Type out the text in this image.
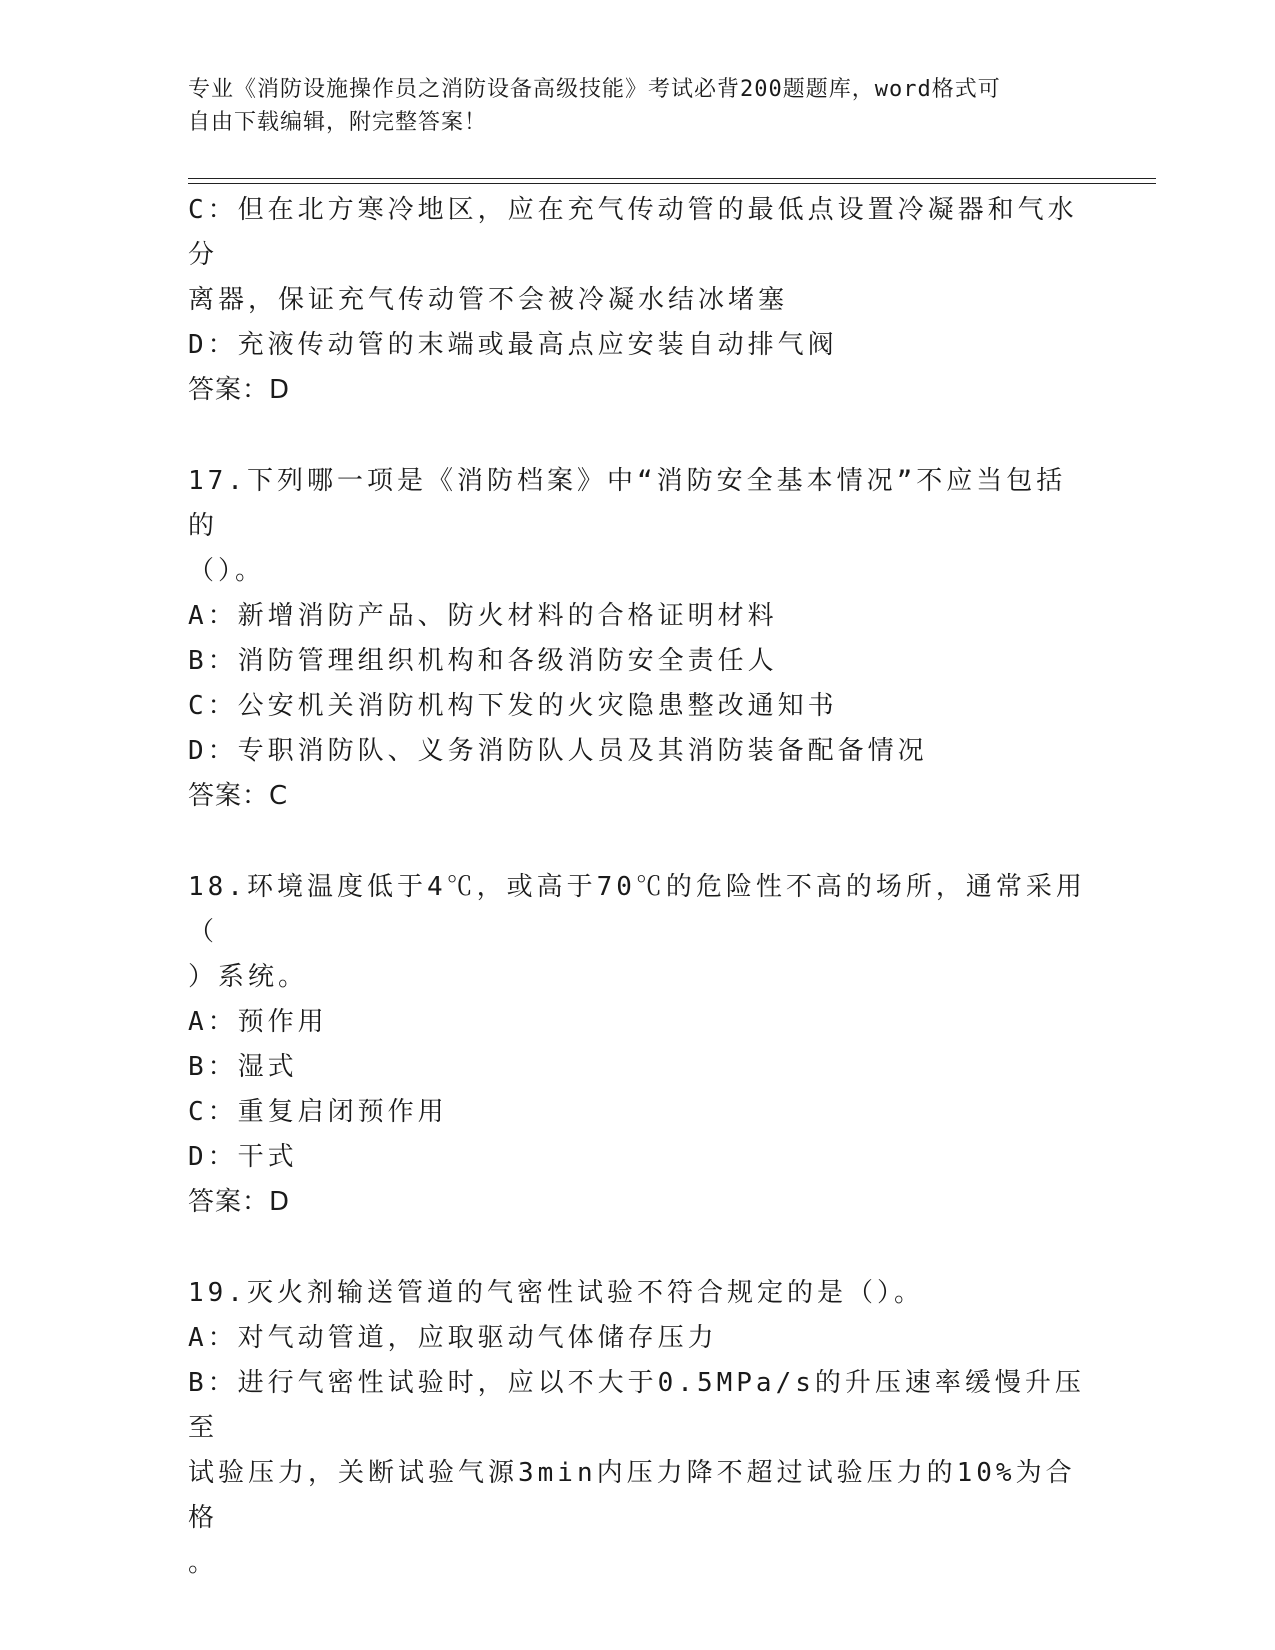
专业《消防设施操作员之消防设备高级技能》考试必背200题题库，word格式可

自由下载编辑，附完整答案！

C：但在北方寒冷地区，应在充气传动管的最低点设置冷凝器和气水分

离器，保证充气传动管不会被冷凝水结冰堵塞

D：充液传动管的末端或最高点应安装自动排气阀

答案：D

17.下列哪一项是《消防档案》中“消防安全基本情况”不应当包括的

（）。

A：新增消防产品、防火材料的合格证明材料

B：消防管理组织机构和各级消防安全责任人

C：公安机关消防机构下发的火灾隐患整改通知书

D：专职消防队、义务消防队人员及其消防装备配备情况

答案：C

18.环境温度低于4℃，或高于70℃的危险性不高的场所，通常采用（

）系统。

A：预作用

B：湿式

C：重复启闭预作用

D：干式

答案：D

19.灭火剂输送管道的气密性试验不符合规定的是（）。

A：对气动管道，应取驱动气体储存压力

B：进行气密性试验时，应以不大于0.5MPa/s的升压速率缓慢升压至

试验压力，关断试验气源3min内压力降不超过试验压力的10%为合格

。
